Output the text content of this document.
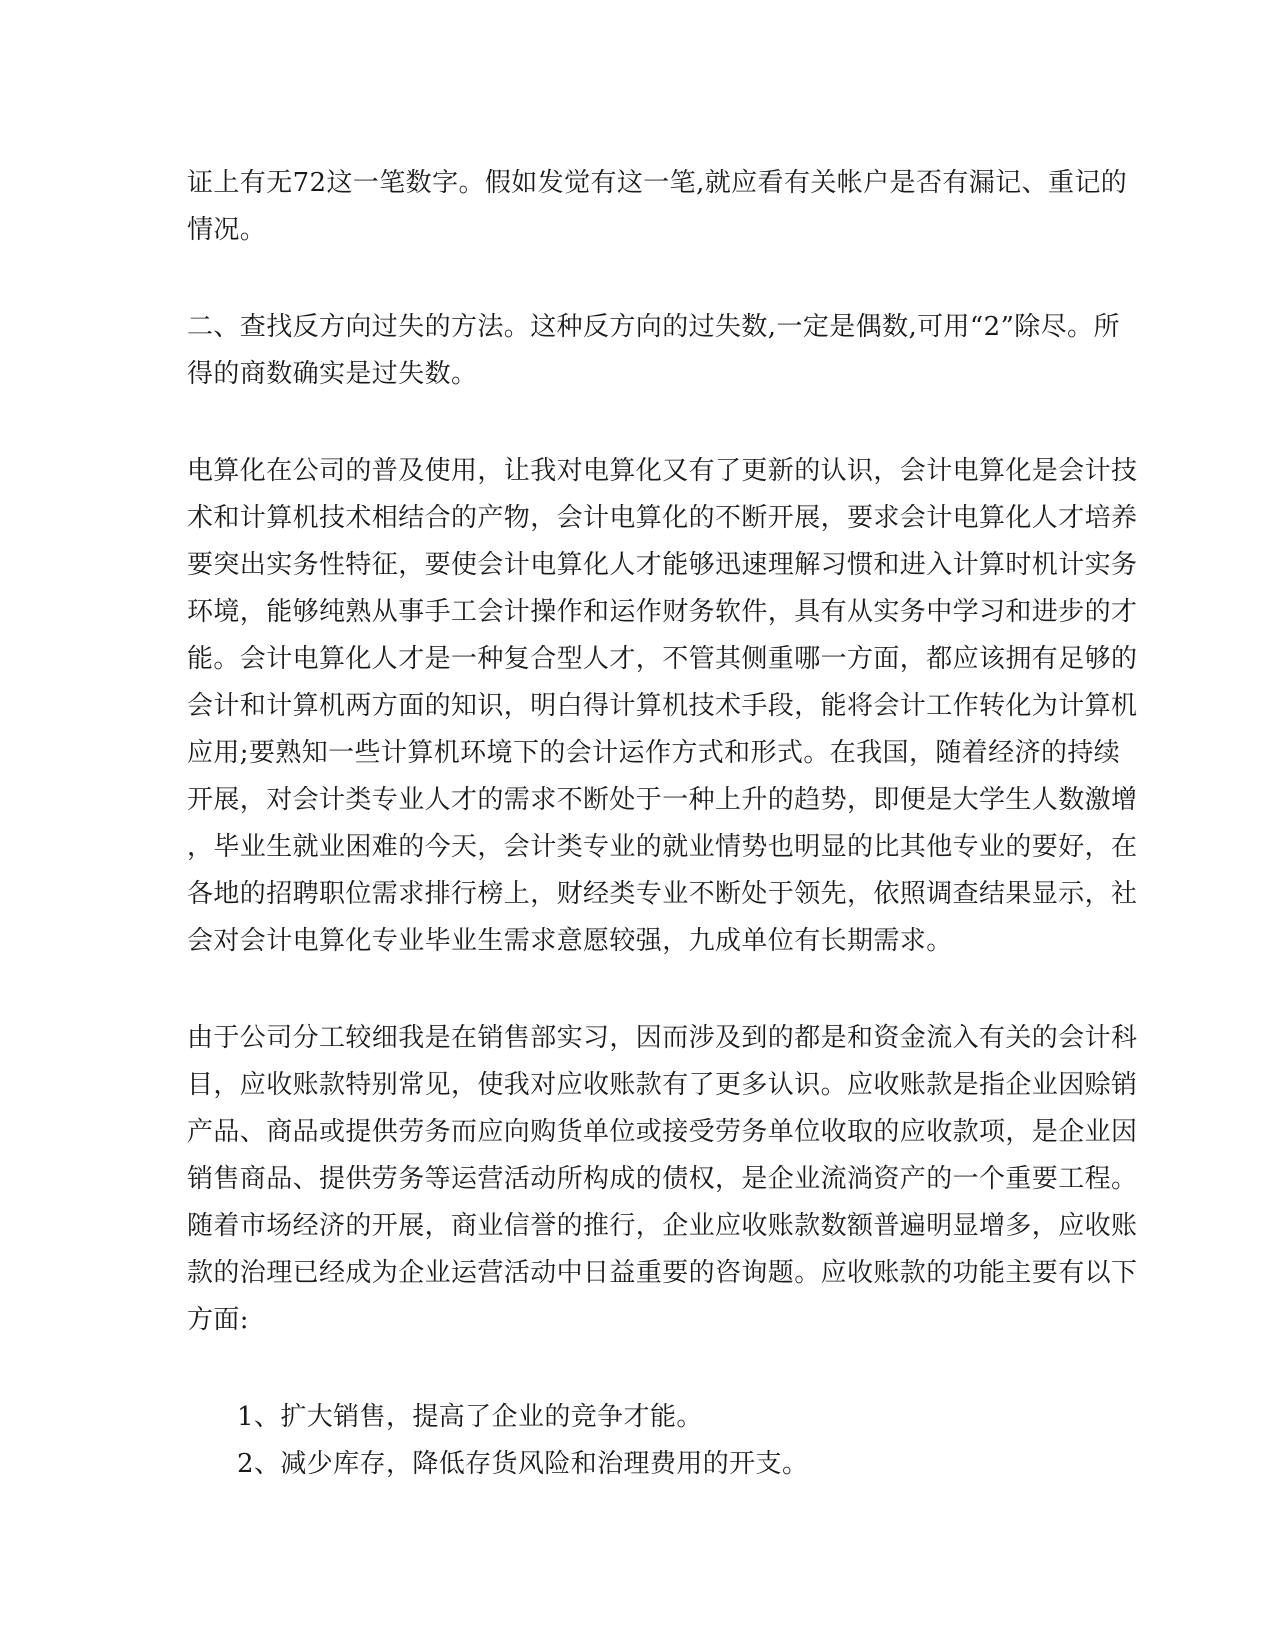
证上有无72这一笔数字。假如发觉有这一笔,就应看有关帐户是否有漏记、重记的
情况。
二、查找反方向过失的方法。这种反方向的过失数,一定是偶数,可用“2”除尽。所
得的商数确实是过失数。
电算化在公司的普及使用，让我对电算化又有了更新的认识，会计电算化是会计技
术和计算机技术相结合的产物，会计电算化的不断开展，要求会计电算化人才培养
要突出实务性特征，要使会计电算化人才能够迅速理解习惯和进入计算时机计实务
环境，能够纯熟从事手工会计操作和运作财务软件，具有从实务中学习和进步的才
能。会计电算化人才是一种复合型人才，不管其侧重哪一方面，都应该拥有足够的
会计和计算机两方面的知识，明白得计算机技术手段，能将会计工作转化为计算机
应用;要熟知一些计算机环境下的会计运作方式和形式。在我国，随着经济的持续
开展，对会计类专业人才的需求不断处于一种上升的趋势，即便是大学生人数激增
，毕业生就业困难的今天，会计类专业的就业情势也明显的比其他专业的要好，在
各地的招聘职位需求排行榜上，财经类专业不断处于领先，依照调查结果显示，社
会对会计电算化专业毕业生需求意愿较强，九成单位有长期需求。
由于公司分工较细我是在销售部实习，因而涉及到的都是和资金流入有关的会计科
目，应收账款特别常见，使我对应收账款有了更多认识。应收账款是指企业因赊销
产品、商品或提供劳务而应向购货单位或接受劳务单位收取的应收款项，是企业因
销售商品、提供劳务等运营活动所构成的债权，是企业流淌资产的一个重要工程。
随着市场经济的开展，商业信誉的推行，企业应收账款数额普遍明显增多，应收账
款的治理已经成为企业运营活动中日益重要的咨询题。应收账款的功能主要有以下
方面:
1、扩大销售，提高了企业的竞争才能。
2、减少库存，降低存货风险和治理费用的开支。
